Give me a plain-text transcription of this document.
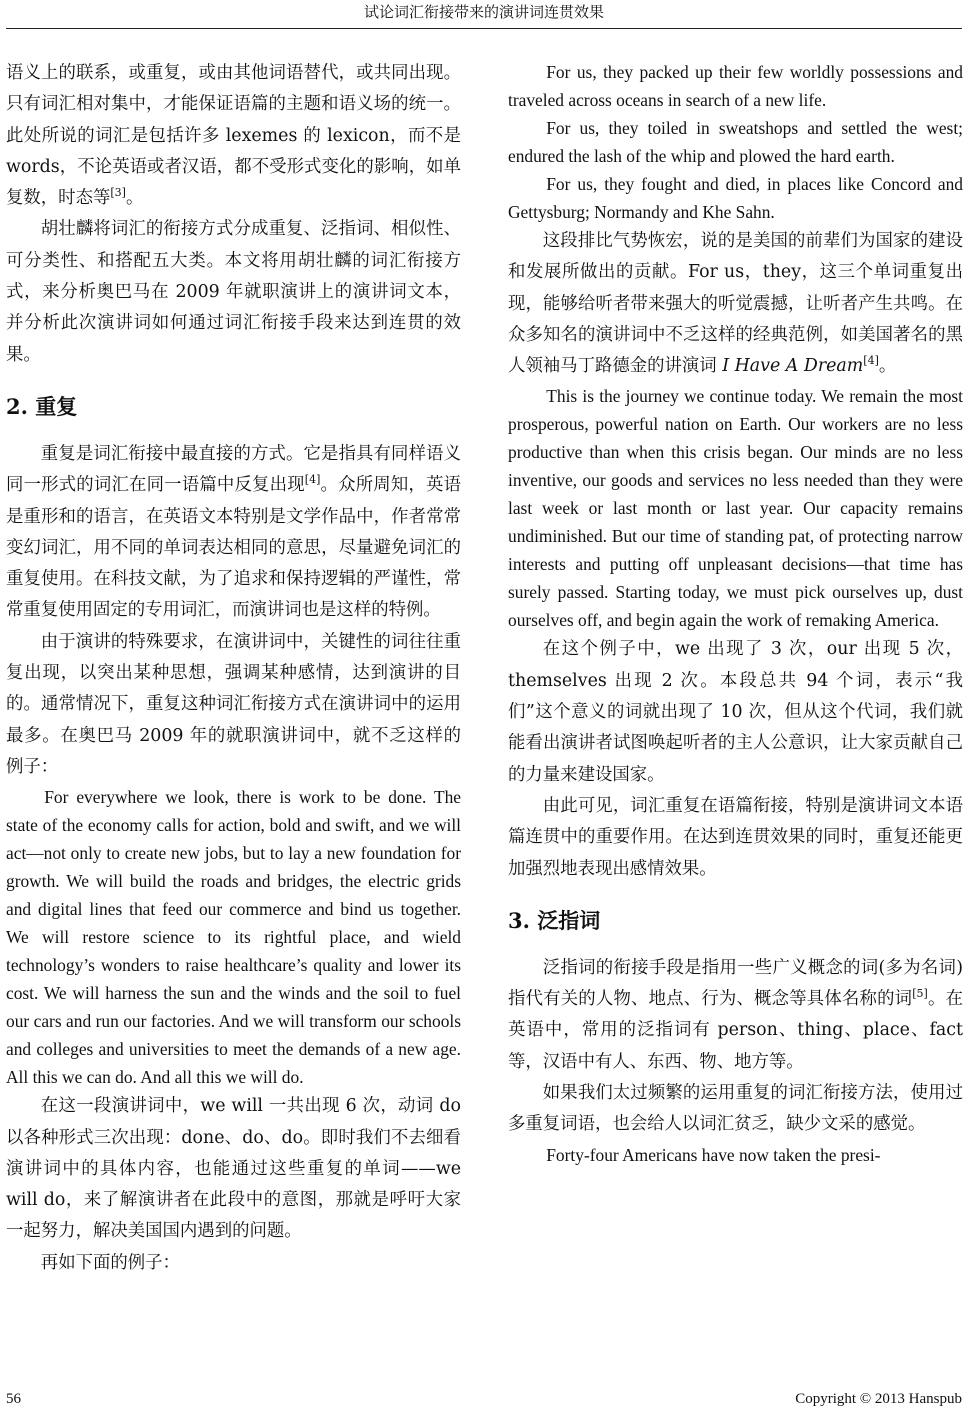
试论词汇衔接带来的演讲词连贯效果

语义上的联系，或重复，或由其他词语替代，或共同出现。只有词汇相对集中，才能保证语篇的主题和语义场的统一。此处所说的词汇是包括许多 lexemes 的 lexicon，而不是 words，不论英语或者汉语，都不受形式变化的影响，如单复数，时态等[3]。

胡壮麟将词汇的衔接方式分成重复、泛指词、相似性、可分类性、和搭配五大类。本文将用胡壮麟的词汇衔接方式，来分析奥巴马在 2009 年就职演讲上的演讲词文本，并分析此次演讲词如何通过词汇衔接手段来达到连贯的效果。

2. 重复

重复是词汇衔接中最直接的方式。它是指具有同样语义同一形式的词汇在同一语篇中反复出现[4]。众所周知，英语是重形和的语言，在英语文本特别是文学作品中，作者常常变幻词汇，用不同的单词表达相同的意思，尽量避免词汇的重复使用。在科技文献，为了追求和保持逻辑的严谨性，常常重复使用固定的专用词汇，而演讲词也是这样的特例。

由于演讲的特殊要求，在演讲词中，关键性的词往往重复出现，以突出某种思想，强调某种感情，达到演讲的目的。通常情况下，重复这种词汇衔接方式在演讲词中的运用最多。在奥巴马 2009 年的就职演讲词中，就不乏这样的例子：

For everywhere we look, there is work to be done. The state of the economy calls for action, bold and swift, and we will act—not only to create new jobs, but to lay a new foundation for growth. We will build the roads and bridges, the electric grids and digital lines that feed our commerce and bind us together. We will restore science to its rightful place, and wield technology’s wonders to raise healthcare’s quality and lower its cost. We will harness the sun and the winds and the soil to fuel our cars and run our factories. And we will transform our schools and colleges and universities to meet the demands of a new age. All this we can do. And all this we will do.

在这一段演讲词中，we will 一共出现 6 次，动词 do 以各种形式三次出现：done、do、do。即时我们不去细看演讲词中的具体内容，也能通过这些重复的单词——we will do，来了解演讲者在此段中的意图，那就是呼吁大家一起努力，解决美国国内遇到的问题。

再如下面的例子：

For us, they packed up their few worldly possessions and traveled across oceans in search of a new life.

For us, they toiled in sweatshops and settled the west; endured the lash of the whip and plowed the hard earth.

For us, they fought and died, in places like Concord and Gettysburg; Normandy and Khe Sahn.

这段排比气势恢宏，说的是美国的前辈们为国家的建设和发展所做出的贡献。For us，they，这三个单词重复出现，能够给听者带来强大的听觉震撼，让听者产生共鸣。在众多知名的演讲词中不乏这样的经典范例，如美国著名的黑人领袖马丁路德金的讲演词 I Have A Dream[4]。

This is the journey we continue today. We remain the most prosperous, powerful nation on Earth. Our workers are no less productive than when this crisis began. Our minds are no less inventive, our goods and services no less needed than they were last week or last month or last year. Our capacity remains undiminished. But our time of standing pat, of protecting narrow interests and putting off unpleasant decisions—that time has surely passed. Starting today, we must pick ourselves up, dust ourselves off, and begin again the work of remaking America.

在这个例子中，we 出现了 3 次，our 出现 5 次，themselves 出现 2 次。本段总共 94 个词，表示“我们”这个意义的词就出现了 10 次，但从这个代词，我们就能看出演讲者试图唤起听者的主人公意识，让大家贡献自己的力量来建设国家。

由此可见，词汇重复在语篇衔接，特别是演讲词文本语篇连贯中的重要作用。在达到连贯效果的同时，重复还能更加强烈地表现出感情效果。

3. 泛指词

泛指词的衔接手段是指用一些广义概念的词(多为名词)指代有关的人物、地点、行为、概念等具体名称的词[5]。在英语中，常用的泛指词有 person、thing、place、fact 等，汉语中有人、东西、物、地方等。

如果我们太过频繁的运用重复的词汇衔接方法，使用过多重复词语，也会给人以词汇贫乏，缺少文采的感觉。

Forty-four Americans have now taken the presi-

56	Copyright © 2013 Hanspub
